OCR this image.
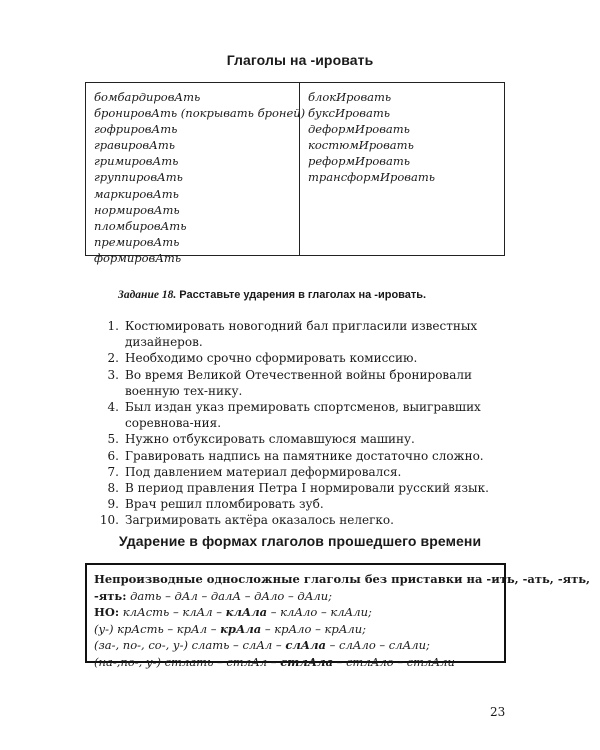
Глаголы на -ировать
бомбардировАть
бронировАть (покрывать броней)
гофрировАть
гравировАть
гримировАть
группировАть
маркировАть
нормировАть
пломбировАть
премировАть
формировАть
блокИровать
буксИровать
деформИровать
костюмИровать
реформИровать
трансформИровать
Задание 18. Расставьте ударения в глаголах на -ировать.
1. Костюмировать новогодний бал пригласили известных дизайнеров.
2. Необходимо срочно сформировать комиссию.
3. Во время Великой Отечественной войны бронировали военную тех-нику.
4. Был издан указ премировать спортсменов, выигравших соревнова-ния.
5. Нужно отбуксировать сломавшуюся машину.
6. Гравировать надпись на памятнике достаточно сложно.
7. Под давлением материал деформировался.
8. В период правления Петра I нормировали русский язык.
9. Врач решил пломбировать зуб.
10. Загримировать актёра оказалось нелегко.
Ударение в формах глаголов прошедшего времени
Непроизводные односложные глаголы без приставки на -ить, -ать, -ять,
-ять: дать – дАл – далА – дАло – дАли;
НО: клАсть – клАл – клАла – клАло – клАли;
(у-) крАсть – крАл – крАла – крАло – крАли;
(за-, по-, со-, у-) слать – слАл – слАла – слАло – слАли;
(на-,по-, у-) стлать – стлАл – стлАла – стлАло – стлАли
23
